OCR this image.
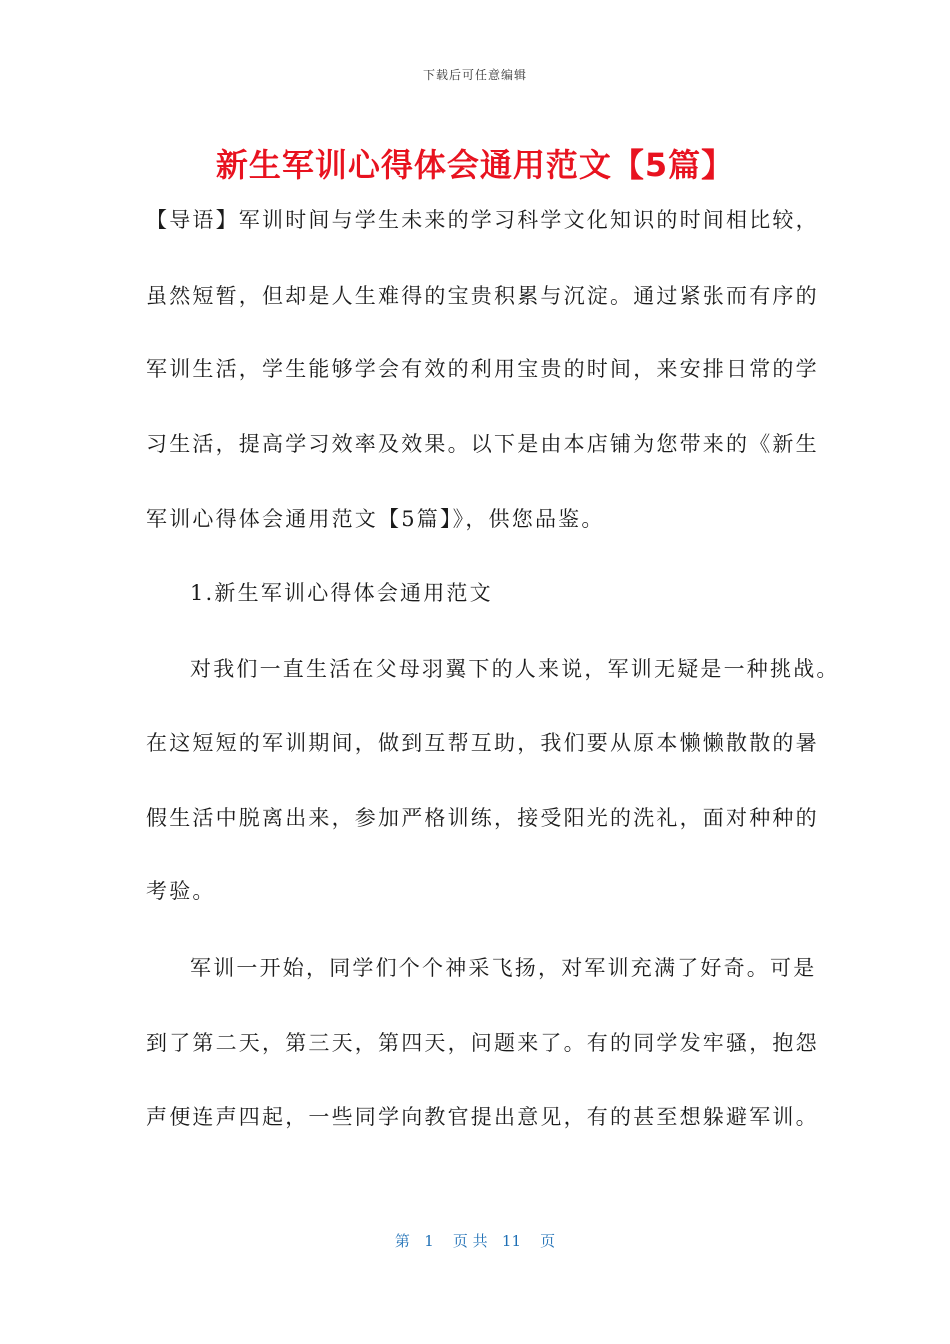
下载后可任意编辑
新生军训心得体会通用范文【5篇】
【导语】军训时间与学生未来的学习科学文化知识的时间相比较，
虽然短暂，但却是人生难得的宝贵积累与沉淀。通过紧张而有序的
军训生活，学生能够学会有效的利用宝贵的时间，来安排日常的学
习生活，提高学习效率及效果。以下是由本店铺为您带来的《新生
军训心得体会通用范文【5篇】》，供您品鉴。
1.新生军训心得体会通用范文
对我们一直生活在父母羽翼下的人来说，军训无疑是一种挑战。
在这短短的军训期间，做到互帮互助，我们要从原本懒懒散散的暑
假生活中脱离出来，参加严格训练，接受阳光的洗礼，面对种种的
考验。
军训一开始，同学们个个神采飞扬，对军训充满了好奇。可是
到了第二天，第三天，第四天，问题来了。有的同学发牢骚，抱怨
声便连声四起，一些同学向教官提出意见，有的甚至想躲避军训。
第   1    页 共   11    页
